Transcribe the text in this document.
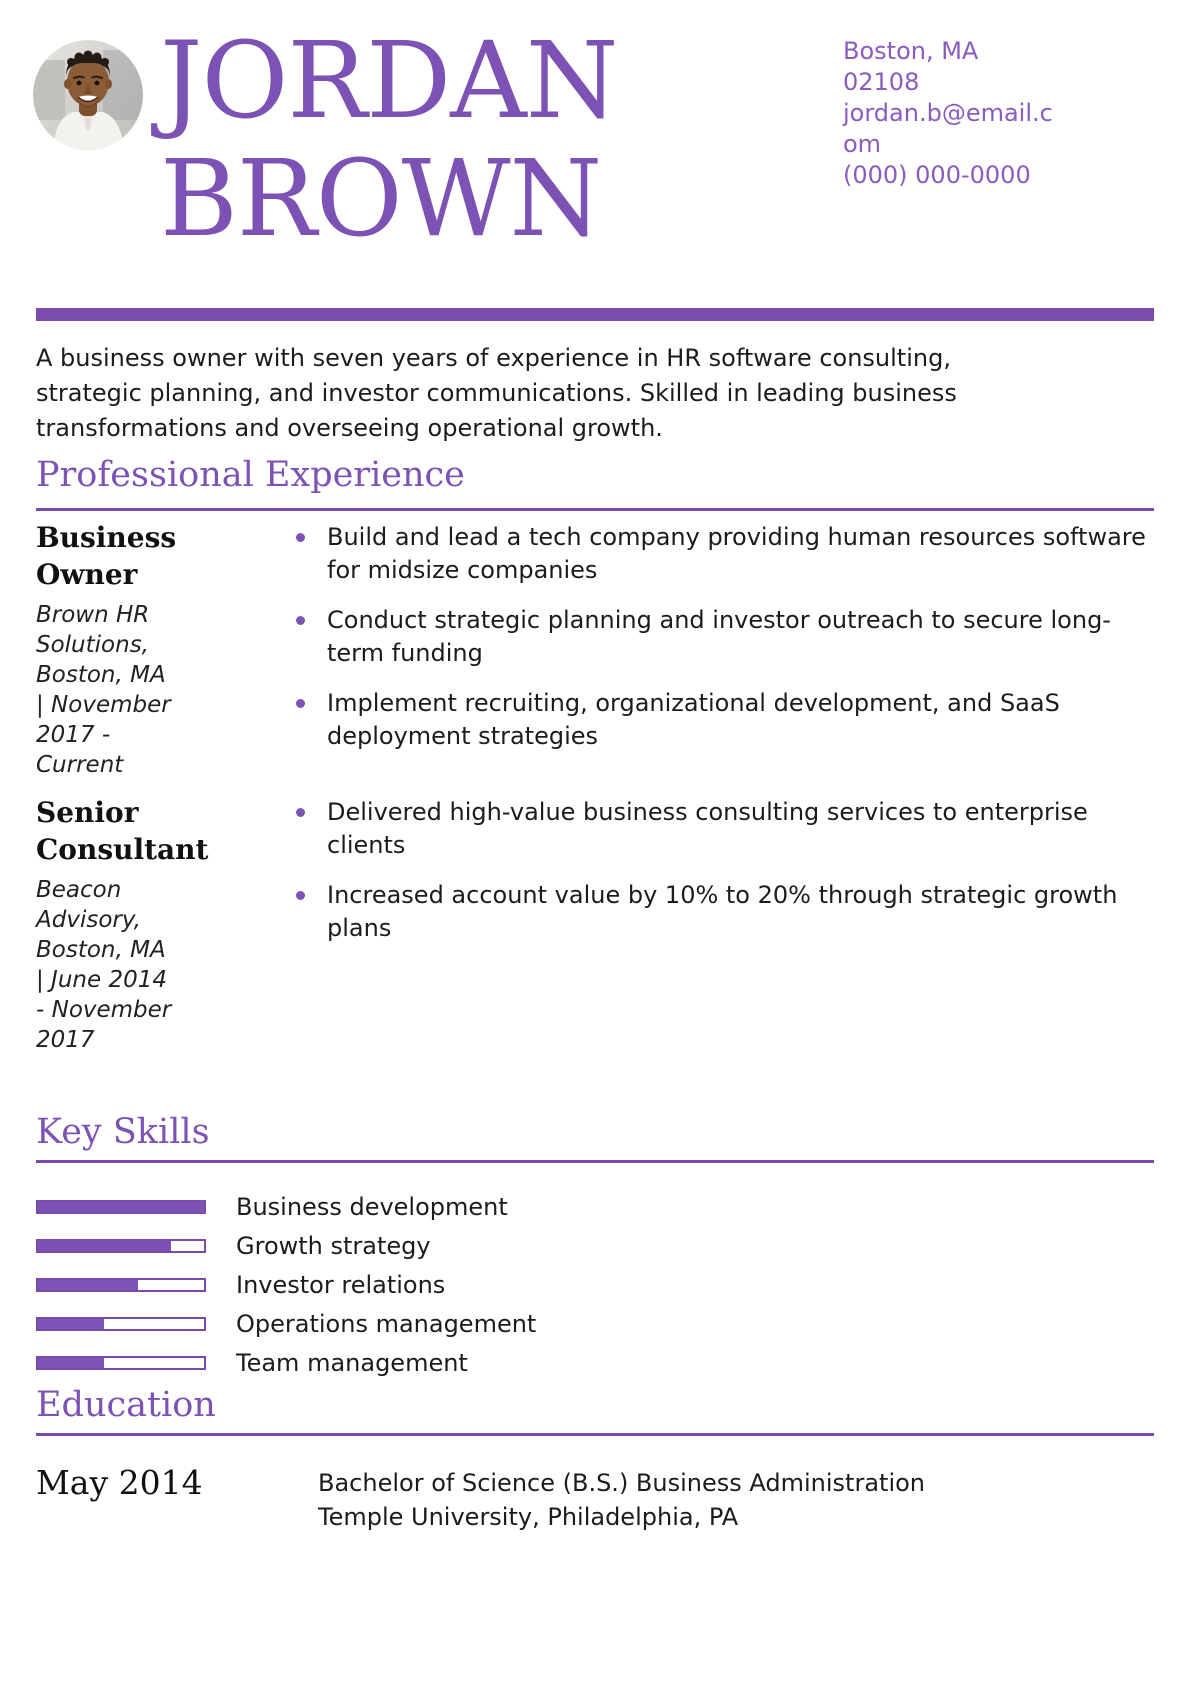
JORDAN
BROWN
Boston, MA 02108
jordan.b@email.com
(000) 000-0000

A business owner with seven years of experience in HR software consulting, strategic planning, and investor communications. Skilled in leading business transformations and overseeing operational growth.

Professional Experience
Business Owner
Brown HR Solutions, Boston, MA | November 2017 - Current
Build and lead a tech company providing human resources software for midsize companies
Conduct strategic planning and investor outreach to secure long-term funding
Implement recruiting, organizational development, and SaaS deployment strategies
Senior Consultant
Beacon Advisory, Boston, MA | June 2014 - November 2017
Delivered high-value business consulting services to enterprise clients
Increased account value by 10% to 20% through strategic growth plans
Key Skills
Business development
Growth strategy
Investor relations
Operations management
Team management
Education
May 2014	Bachelor of Science (B.S.) Business Administration
Temple University, Philadelphia, PA
